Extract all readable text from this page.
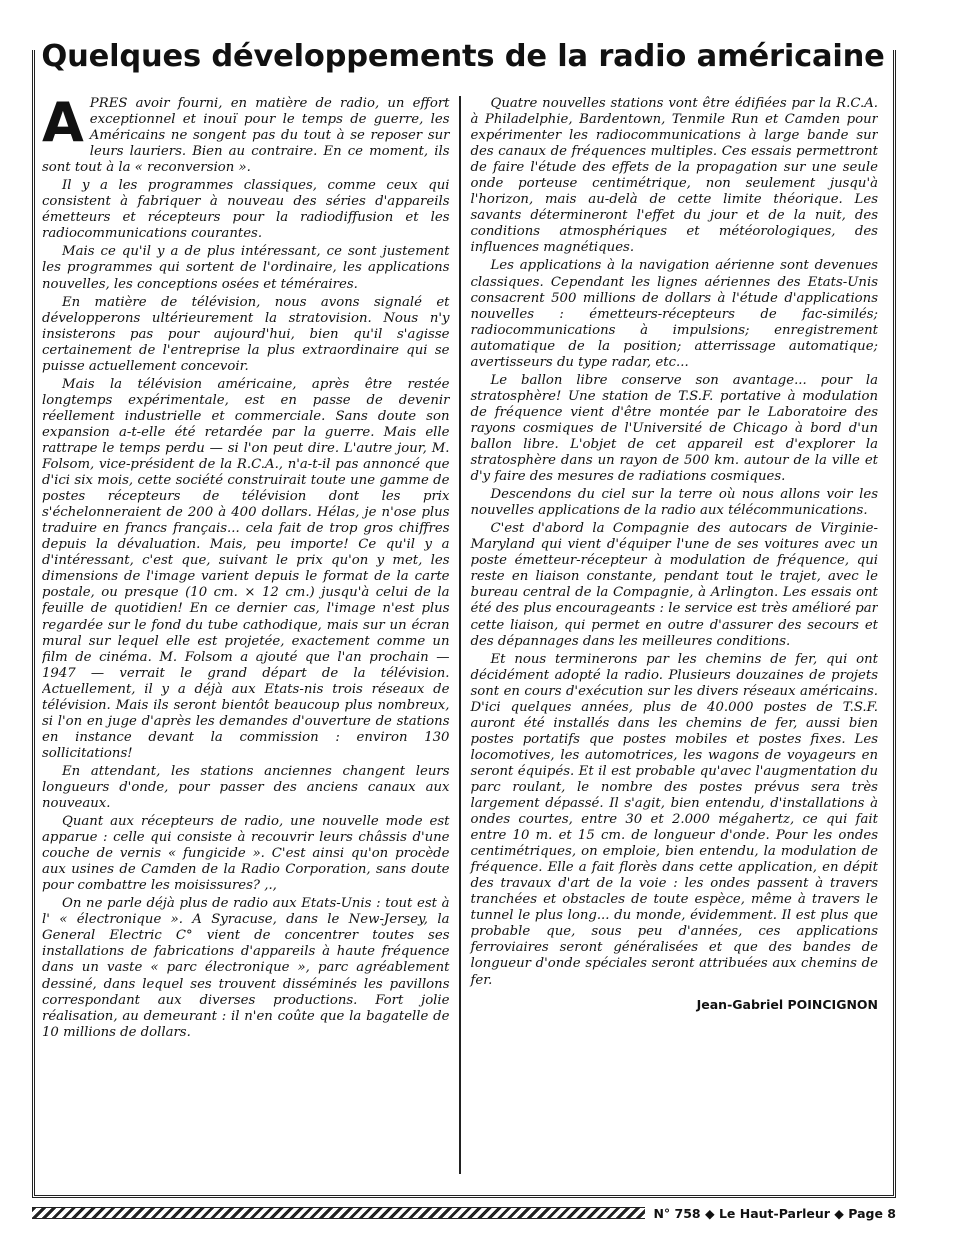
Quelques développements de la radio américaine

APRES avoir fourni, en matière de radio, un effort exceptionnel et inouï pour le temps de guerre, les Américains ne songent pas du tout à se reposer sur leurs lauriers. Bien au contraire. En ce moment, ils sont tout à la « reconversion ».

Il y a les programmes classiques, comme ceux qui consistent à fabriquer à nouveau des séries d'appareils émetteurs et récepteurs pour la radiodiffusion et les radiocommunications courantes.

Mais ce qu'il y a de plus intéressant, ce sont justement les programmes qui sortent de l'ordinaire, les applications nouvelles, les conceptions osées et téméraires.

En matière de télévision, nous avons signalé et développerons ultérieurement la stratovision. Nous n'y insisterons pas pour aujourd'hui, bien qu'il s'agisse certainement de l'entreprise la plus extraordinaire qui se puisse actuellement concevoir.

Mais la télévision américaine, après être restée longtemps expérimentale, est en passe de devenir réellement industrielle et commerciale. Sans doute son expansion a-t-elle été retardée par la guerre. Mais elle rattrape le temps perdu — si l'on peut dire. L'autre jour, M. Folsom, vice-président de la R.C.A., n'a-t-il pas annoncé que d'ici six mois, cette société construirait toute une gamme de postes récepteurs de télévision dont les prix s'échelonneraient de 200 à 400 dollars. Hélas, je n'ose plus traduire en francs français... cela fait de trop gros chiffres depuis la dévaluation. Mais, peu importe! Ce qu'il y a d'intéressant, c'est que, suivant le prix qu'on y met, les dimensions de l'image varient depuis le format de la carte postale, ou presque (10 cm. × 12 cm.) jusqu'à celui de la feuille de quotidien! En ce dernier cas, l'image n'est plus regardée sur le fond du tube cathodique, mais sur un écran mural sur lequel elle est projetée, exactement comme un film de cinéma. M. Folsom a ajouté que l'an prochain — 1947 — verrait le grand départ de la télévision. Actuellement, il y a déjà aux Etats-nis trois réseaux de télévision. Mais ils seront bientôt beaucoup plus nombreux, si l'on en juge d'après les demandes d'ouverture de stations en instance devant la commission : environ 130 sollicitations!

En attendant, les stations anciennes changent leurs longueurs d'onde, pour passer des anciens canaux aux nouveaux.

Quant aux récepteurs de radio, une nouvelle mode est apparue : celle qui consiste à recouvrir leurs châssis d'une couche de vernis « fungicide ». C'est ainsi qu'on procède aux usines de Camden de la Radio Corporation, sans doute pour combattre les moisissures? ,.,

On ne parle déjà plus de radio aux Etats-Unis : tout est à l' « électronique ». A Syracuse, dans le New-Jersey, la General Electric C° vient de concentrer toutes ses installations de fabrications d'appareils à haute fréquence dans un vaste « parc électronique », parc agréablement dessiné, dans lequel ses trouvent disséminés les pavillons correspondant aux diverses productions. Fort jolie réalisation, au demeurant : il n'en coûte que la bagatelle de 10 millions de dollars.

Quatre nouvelles stations vont être édifiées par la R.C.A. à Philadelphie, Bardentown, Tenmile Run et Camden pour expérimenter les radiocommunications à large bande sur des canaux de fréquences multiples. Ces essais permettront de faire l'étude des effets de la propagation sur une seule onde porteuse centimétrique, non seulement jusqu'à l'horizon, mais au-delà de cette limite théorique. Les savants détermineront l'effet du jour et de la nuit, des conditions atmosphériques et météorologiques, des influences magnétiques.

Les applications à la navigation aérienne sont devenues classiques. Cependant les lignes aériennes des Etats-Unis consacrent 500 millions de dollars à l'étude d'applications nouvelles : émetteurs-récepteurs de fac-similés; radiocommunications à impulsions; enregistrement automatique de la position; atterrissage automatique; avertisseurs du type radar, etc...

Le ballon libre conserve son avantage... pour la stratosphère! Une station de T.S.F. portative à modulation de fréquence vient d'être montée par le Laboratoire des rayons cosmiques de l'Université de Chicago à bord d'un ballon libre. L'objet de cet appareil est d'explorer la stratosphère dans un rayon de 500 km. autour de la ville et d'y faire des mesures de radiations cosmiques.

Descendons du ciel sur la terre où nous allons voir les nouvelles applications de la radio aux télécommunications.

C'est d'abord la Compagnie des autocars de Virginie-Maryland qui vient d'équiper l'une de ses voitures avec un poste émetteur-récepteur à modulation de fréquence, qui reste en liaison constante, pendant tout le trajet, avec le bureau central de la Compagnie, à Arlington. Les essais ont été des plus encourageants : le service est très amélioré par cette liaison, qui permet en outre d'assurer des secours et des dépannages dans les meilleures conditions.

Et nous terminerons par les chemins de fer, qui ont décidément adopté la radio. Plusieurs douzaines de projets sont en cours d'exécution sur les divers réseaux américains. D'ici quelques années, plus de 40.000 postes de T.S.F. auront été installés dans les chemins de fer, aussi bien postes portatifs que postes mobiles et postes fixes. Les locomotives, les automotrices, les wagons de voyageurs en seront équipés. Et il est probable qu'avec l'augmentation du parc roulant, le nombre des postes prévus sera très largement dépassé. Il s'agit, bien entendu, d'installations à ondes courtes, entre 30 et 2.000 mégahertz, ce qui fait entre 10 m. et 15 cm. de longueur d'onde. Pour les ondes centimétriques, on emploie, bien entendu, la modulation de fréquence. Elle a fait florès dans cette application, en dépit des travaux d'art de la voie : les ondes passent à travers tranchées et obstacles de toute espèce, même à travers le tunnel le plus long... du monde, évidemment. Il est plus que probable que, sous peu d'années, ces applications ferroviaires seront généralisées et que des bandes de longueur d'onde spéciales seront attribuées aux chemins de fer.

Jean-Gabriel POINCIGNON
N° 758 ◆ Le Haut-Parleur ◆ Page 8
